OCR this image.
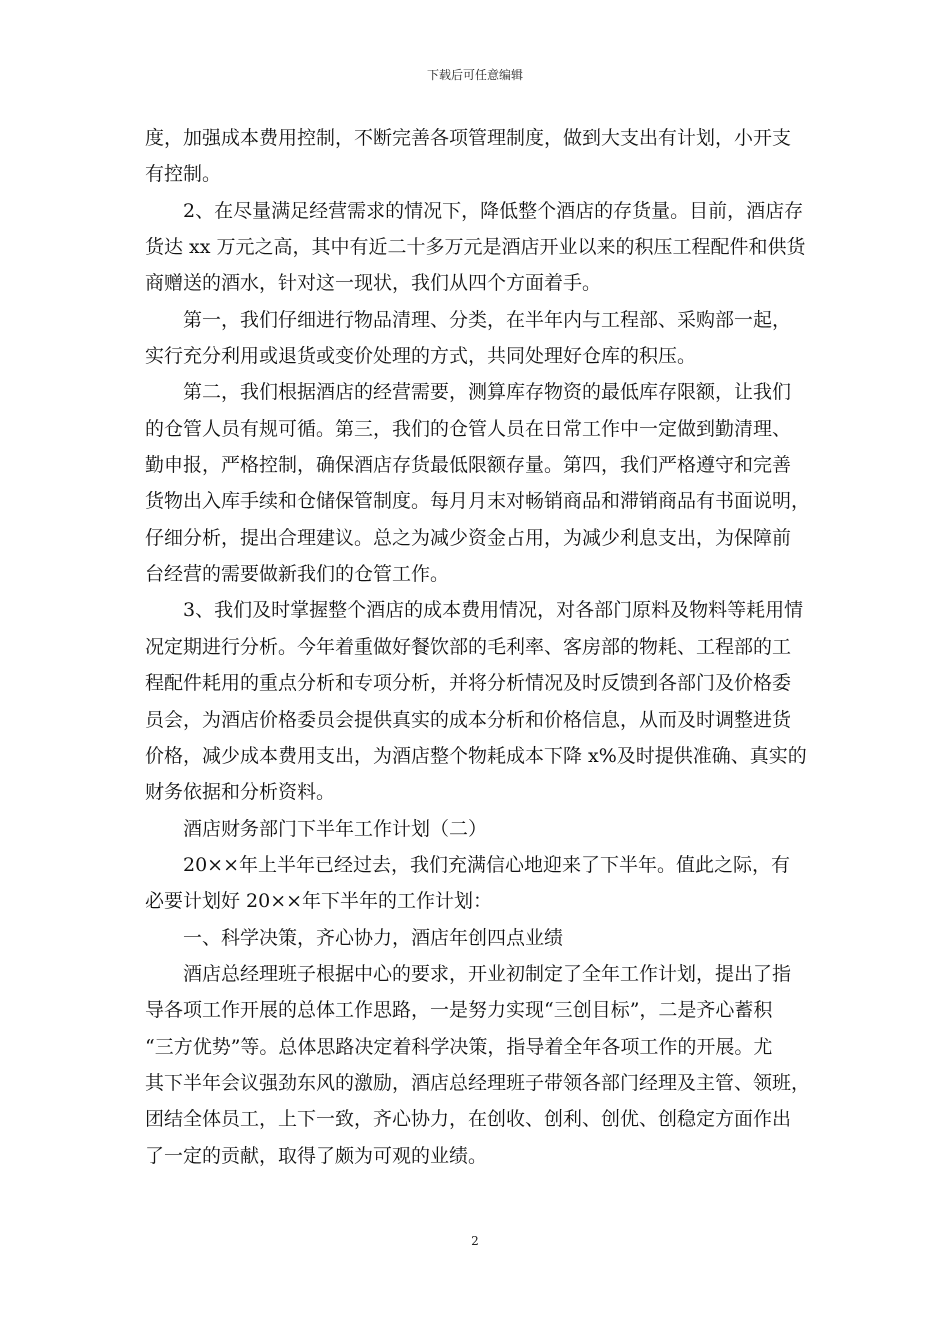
下载后可任意编辑
度，加强成本费用控制，不断完善各项管理制度，做到大支出有计划，小开支
有控制。
　　2、在尽量满足经营需求的情况下，降低整个酒店的存货量。目前，酒店存
货达 xx 万元之高，其中有近二十多万元是酒店开业以来的积压工程配件和供货
商赠送的酒水，针对这一现状，我们从四个方面着手。
　　第一，我们仔细进行物品清理、分类，在半年内与工程部、采购部一起，
实行充分利用或退货或变价处理的方式，共同处理好仓库的积压。
　　第二，我们根据酒店的经营需要，测算库存物资的最低库存限额，让我们
的仓管人员有规可循。第三，我们的仓管人员在日常工作中一定做到勤清理、
勤申报，严格控制，确保酒店存货最低限额存量。第四，我们严格遵守和完善
货物出入库手续和仓储保管制度。每月月末对畅销商品和滞销商品有书面说明，
仔细分析，提出合理建议。总之为减少资金占用，为减少利息支出，为保障前
台经营的需要做新我们的仓管工作。
　　3、我们及时掌握整个酒店的成本费用情况，对各部门原料及物料等耗用情
况定期进行分析。今年着重做好餐饮部的毛利率、客房部的物耗、工程部的工
程配件耗用的重点分析和专项分析，并将分析情况及时反馈到各部门及价格委
员会，为酒店价格委员会提供真实的成本分析和价格信息，从而及时调整进货
价格，减少成本费用支出，为酒店整个物耗成本下降 x%及时提供准确、真实的
财务依据和分析资料。
　　酒店财务部门下半年工作计划（二）
　　20××年上半年已经过去，我们充满信心地迎来了下半年。值此之际，有
必要计划好 20××年下半年的工作计划：
　　一、科学决策，齐心协力，酒店年创四点业绩
　　酒店总经理班子根据中心的要求，开业初制定了全年工作计划，提出了指
导各项工作开展的总体工作思路，一是努力实现“三创目标”，二是齐心蓄积
“三方优势”等。总体思路决定着科学决策，指导着全年各项工作的开展。尤
其下半年会议强劲东风的激励，酒店总经理班子带领各部门经理及主管、领班，
团结全体员工，上下一致，齐心协力，在创收、创利、创优、创稳定方面作出
了一定的贡献，取得了颇为可观的业绩。
2
